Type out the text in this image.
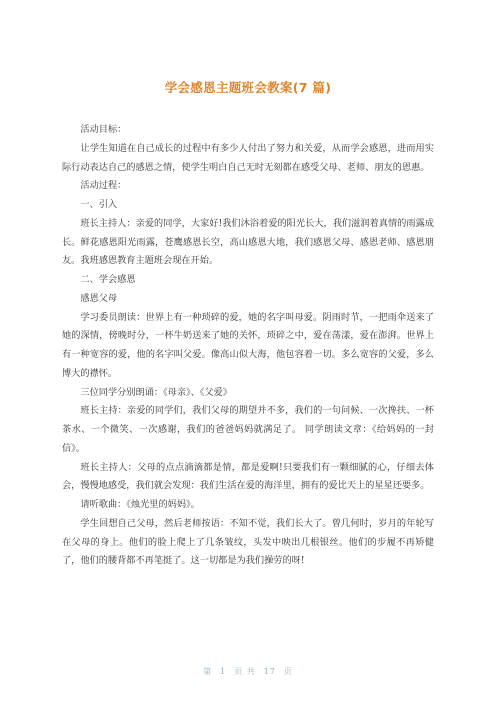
学会感恩主题班会教案(7 篇)

活动目标：

让学生知道在自己成长的过程中有多少人付出了努力和关爱，从而学会感恩，进而用实际行动表达自己的感恩之情，使学生明白自己无时无刻都在感受父母、老师、朋友的恩惠。

活动过程：

一、引入

班长主持人：亲爱的同学，大家好!我们沐浴着爱的阳光长大，我们滋润着真情的雨露成长。鲜花感恩阳光雨露，苍鹰感恩长空，高山感恩大地，我们感恩父母、感恩老师、感恩朋友。我班感恩教育主题班会现在开始。

二、学会感恩

感恩父母

学习委员朗读：世界上有一种琐碎的爱，她的名字叫母爱。阴雨时节，一把雨伞送来了她的深情，傍晚时分，一杯牛奶送来了她的关怀，琐碎之中，爱在荡漾，爱在澎湃。世界上有一种宽容的爱，他的名字叫父爱。像高山似大海，他包容着一切。多么宽容的父爱，多么博大的襟怀。

三位同学分别朗诵：《母亲》、《父爱》

班长主持：亲爱的同学们，我们父母的期望并不多，我们的一句问候、一次搀扶、一杯茶水、一个微笑、一次感谢，我们的爸爸妈妈就满足了。 同学朗读文章：《给妈妈的一封信》。

班长主持人：父母的点点滴滴都是情，都是爱啊!只要我们有一颗细腻的心，仔细去体会，慢慢地感受，我们就会发现：我们生活在爱的海洋里，拥有的爱比天上的星星还要多。

请听歌曲：《烛光里的妈妈》。

学生回想自己父母，然后老师按语：不知不觉，我们长大了。曾几何时，岁月的年轮写在父母的身上。他们的脸上爬上了几条皱纹，头发中映出几根银丝。他们的步履不再矫健了，他们的腰背都不再笔挺了。这一切都是为我们操劳的呀!

第 1 页 共 17 页
